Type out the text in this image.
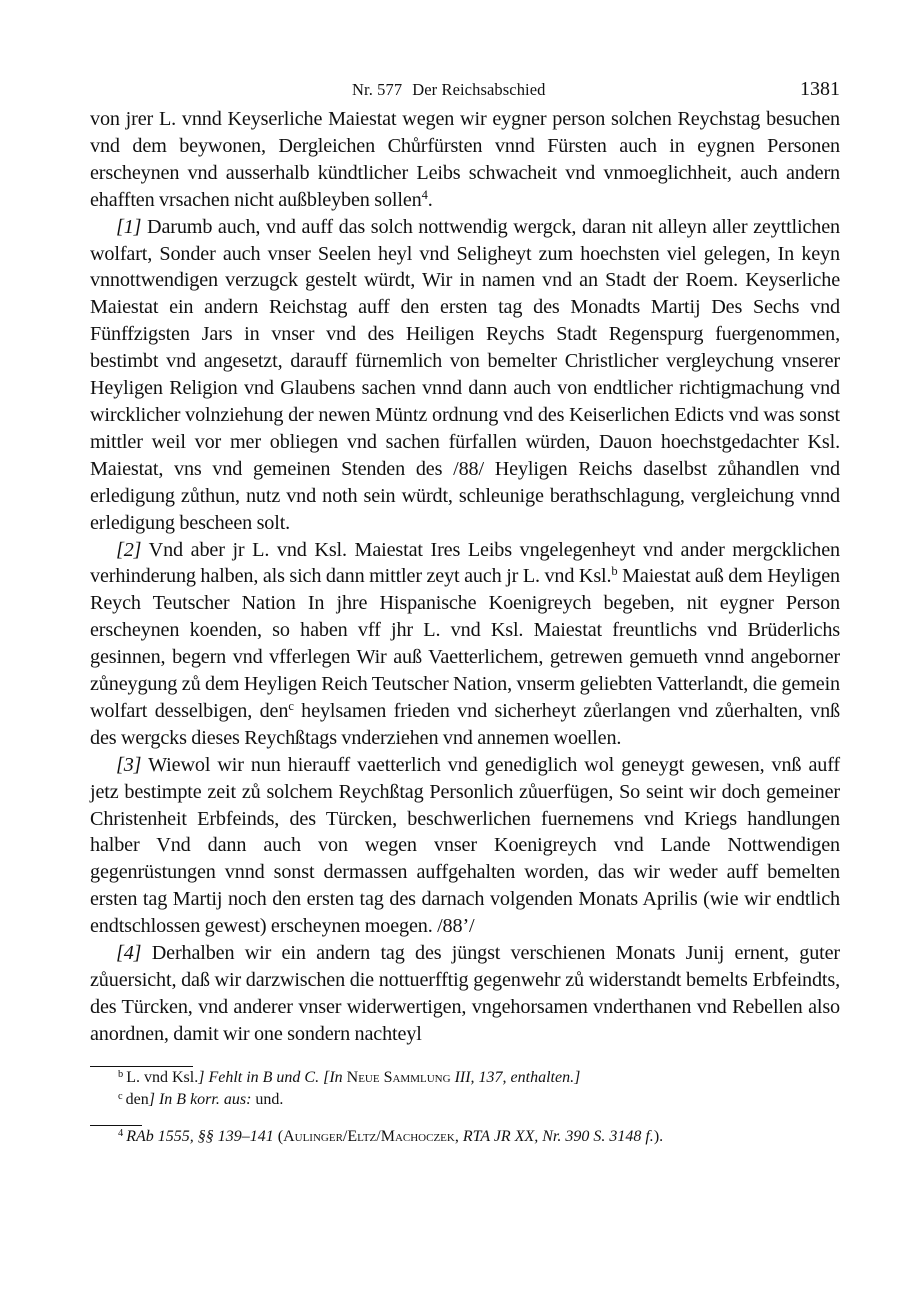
Nr. 577 Der Reichsabschied	1381

von jrer L. vnnd Keyserliche Maiestat wegen wir eygner person solchen Reychstag besuchen vnd dem beywonen, Dergleichen Chůrfürsten vnnd Fürsten auch in eygnen Personen erscheynen vnd ausserhalb kündtlicher Leibs schwacheit vnd vnmoeglichheit, auch andern ehafften vrsachen nicht außbleyben sollen$^4$.

[1] Darumb auch, vnd auff das solch nottwendig wergck, daran nit alleyn aller zeyttlichen wolfart, Sonder auch vnser Seelen heyl vnd Seligheyt zum hoechsten viel gelegen, In keyn vnnottwendigen verzugck gestelt würdt, Wir in namen vnd an Stadt der Roem. Keyserliche Maiestat ein andern Reichstag auff den ersten tag des Monadts Martij Des Sechs vnd Fünffzigsten Jars in vnser vnd des Heiligen Reychs Stadt Regenspurg fuergenommen, bestimbt vnd angesetzt, darauff fürnemlich von bemelter Christlicher vergleychung vnserer Heyligen Religion vnd Glaubens sachen vnnd dann auch von endtlicher richtigmachung vnd wircklicher volnziehung der newen Müntz ordnung vnd des Keiserlichen Edicts vnd was sonst mittler weil vor mer obliegen vnd sachen fürfallen würden, Dauon hoechstgedachter Ksl. Maiestat, vns vnd gemeinen Stenden des /88/ Heyligen Reichs daselbst zůhandlen vnd erledigung zůthun, nutz vnd noth sein würdt, schleunige berathschlagung, vergleichung vnnd erledigung bescheen solt.

[2] Vnd aber jr L. vnd Ksl. Maiestat Ires Leibs vngelegenheyt vnd ander mergcklichen verhinderung halben, als sich dann mittler zeyt auch jr L. vnd Ksl.$^b$ Maiestat auß dem Heyligen Reych Teutscher Nation In jhre Hispanische Koenigreych begeben, nit eygner Person erscheynen koenden, so haben vff jhr L. vnd Ksl. Maiestat freuntlichs vnd Brüderlichs gesinnen, begern vnd vfferlegen Wir auß Vaetterlichem, getrewen gemueth vnnd angeborner zůneygung zů dem Heyligen Reich Teutscher Nation, vnserm geliebten Vatterlandt, die gemein wolfart desselbigen, den$^c$ heylsamen frieden vnd sicherheyt zůerlangen vnd zůerhalten, vnß des wergcks dieses Reychßtags vnderziehen vnd annemen woellen.

[3] Wiewol wir nun hierauff vaetterlich vnd genediglich wol geneygt gewesen, vnß auff jetz bestimpte zeit zů solchem Reychßtag Personlich zůuerfügen, So seint wir doch gemeiner Christenheit Erbfeinds, des Türcken, beschwerlichen fuernemens vnd Kriegs handlungen halber Vnd dann auch von wegen vnser Koenigreych vnd Lande Nottwendigen gegenrüstungen vnnd sonst dermassen auffgehalten worden, das wir weder auff bemelten ersten tag Martij noch den ersten tag des darnach volgenden Monats Aprilis (wie wir endtlich endtschlossen gewest) erscheynen moegen. /88’/

[4] Derhalben wir ein andern tag des jüngst verschienen Monats Junij ernent, guter zůuersicht, daß wir darzwischen die nottuerfftig gegenwehr zů widerstandt bemelts Erbfeindts, des Türcken, vnd anderer vnser widerwertigen, vngehorsamen vnderthanen vnd Rebellen also anordnen, damit wir one sondern nachteyl

$^b$ L. vnd Ksl.] Fehlt in B und C. [In Neue Sammlung III, 137, enthalten.]

$^c$ den] In B korr. aus: und.

$^4$ RAb 1555, §§ 139–141 (Aulinger/Eltz/Machoczek, RTA JR XX, Nr. 390 S. 3148 f.).
